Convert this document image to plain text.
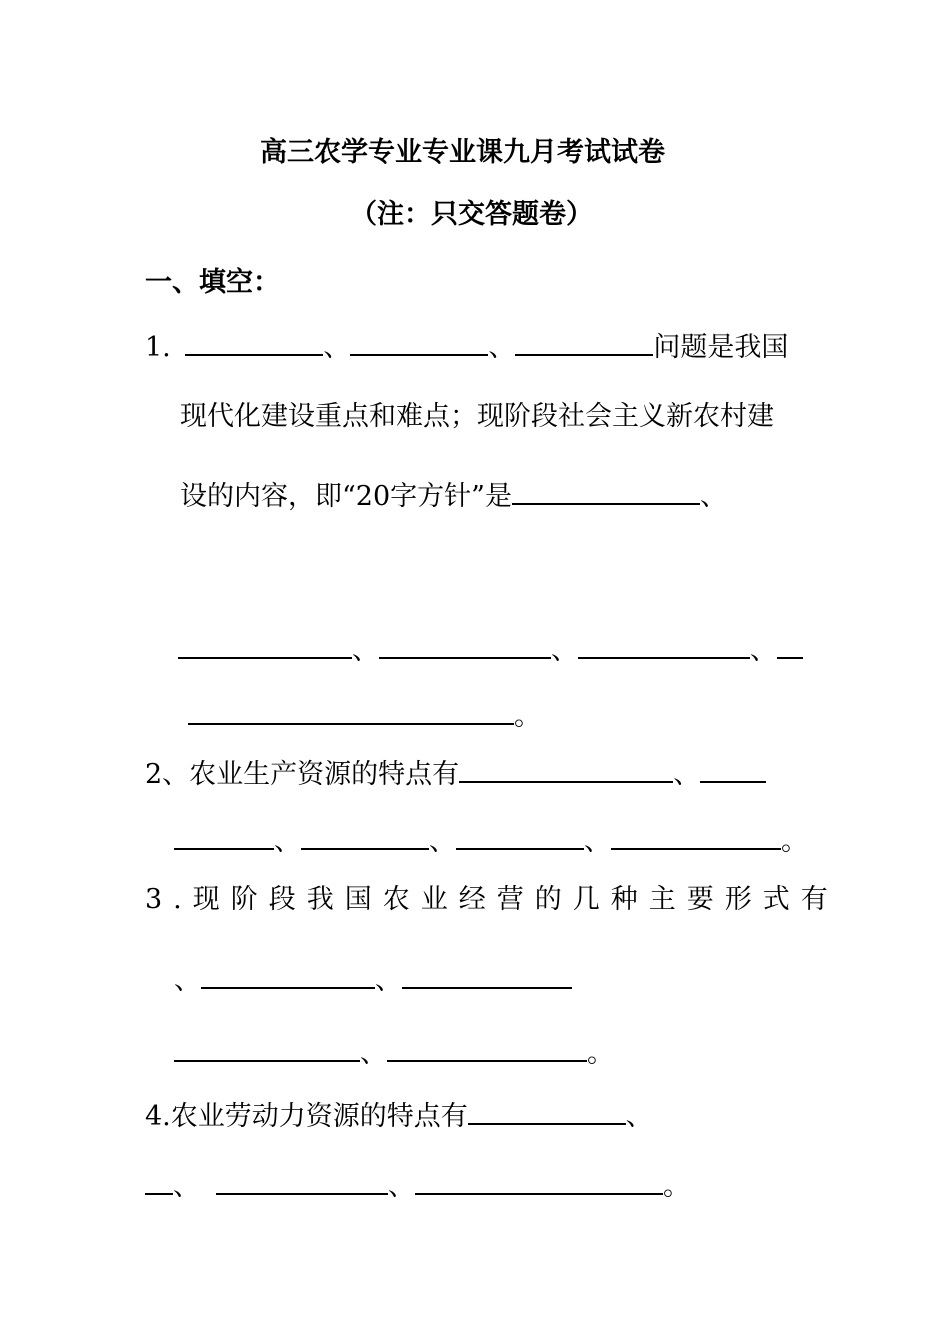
高三农学专业专业课九月考试试卷
（注：只交答题卷）
一、填空：
1.	、	、	问题是我国
现代化建设重点和难点；现阶段社会主义新农村建
设的内容，即“20字方针”是	、
、	、	、
。
2、农业生产资源的特点有	、
、	、	、	。
3.现阶段我国农业经营的几种主要形式有
、	、
、	。
4.农业劳动力资源的特点有	、
、	、	。
